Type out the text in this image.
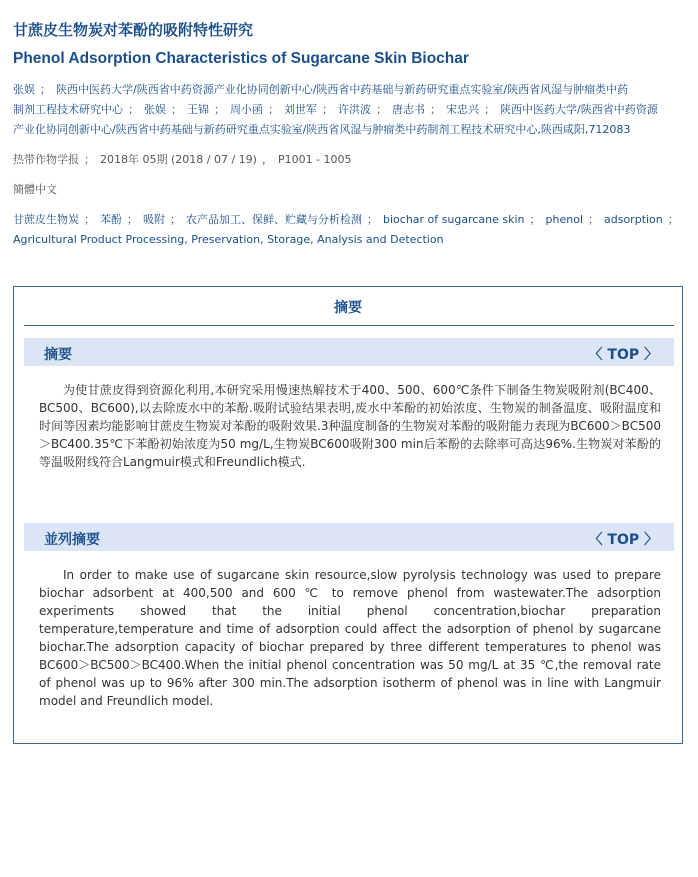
甘蔗皮生物炭对苯酚的吸附特性研究
Phenol Adsorption Characteristics of Sugarcane Skin Biochar
张娱 ； 陕西中医药大学/陕西省中药资源产业化协同创新中心/陕西省中药基础与新药研究重点实验室/陕西省风湿与肿瘤类中药
制剂工程技术研究中心 ； 张娱 ； 王锦 ； 周小函 ； 刘世军 ； 许洪波 ； 唐志书 ； 宋忠兴 ； 陕西中医药大学/陕西省中药资源
产业化协同创新中心/陕西省中药基础与新药研究重点实验室/陕西省风湿与肿瘤类中药制剂工程技术研究中心,陕西咸阳,712083
热带作物学报 ； 2018年 05期 (2018 / 07 / 19) ， P1001 - 1005
簡體中文
甘蔗皮生物炭 ； 苯酚 ； 吸附 ； 农产品加工、保鲜、贮藏与分析检测 ； biochar of sugarcane skin ； phenol ； adsorption ；
Agricultural Product Processing, Preservation, Storage, Analysis and Detection
摘要
摘要	〈 TOP 〉
为使甘蔗皮得到资源化利用,本研究采用慢速热解技术于400、500、600℃条件下制备生物炭吸附剂(BC400、BC500、BC600),以去除废水中的苯酚.吸附试验结果表明,废水中苯酚的初始浓度、生物炭的制备温度、吸附温度和时间等因素均能影响甘蔗皮生物炭对苯酚的吸附效果.3种温度制备的生物炭对苯酚的吸附能力表现为BC600＞BC500＞BC400.35℃下苯酚初始浓度为50 mg/L,生物炭BC600吸附300 min后苯酚的去除率可高达96%.生物炭对苯酚的等温吸附线符合Langmuir模式和Freundlich模式.
並列摘要	〈 TOP 〉
In order to make use of sugarcane skin resource,slow pyrolysis technology was used to prepare biochar adsorbent at 400,500 and 600 ℃ to remove phenol from wastewater.The adsorption experiments showed that the initial phenol concentration,biochar preparation temperature,temperature and time of adsorption could affect the adsorption of phenol by sugarcane biochar.The adsorption capacity of biochar prepared by three different temperatures to phenol was BC600＞BC500＞BC400.When the initial phenol concentration was 50 mg/L at 35 ℃,the removal rate of phenol was up to 96% after 300 min.The adsorption isotherm of phenol was in line with Langmuir model and Freundlich model.
